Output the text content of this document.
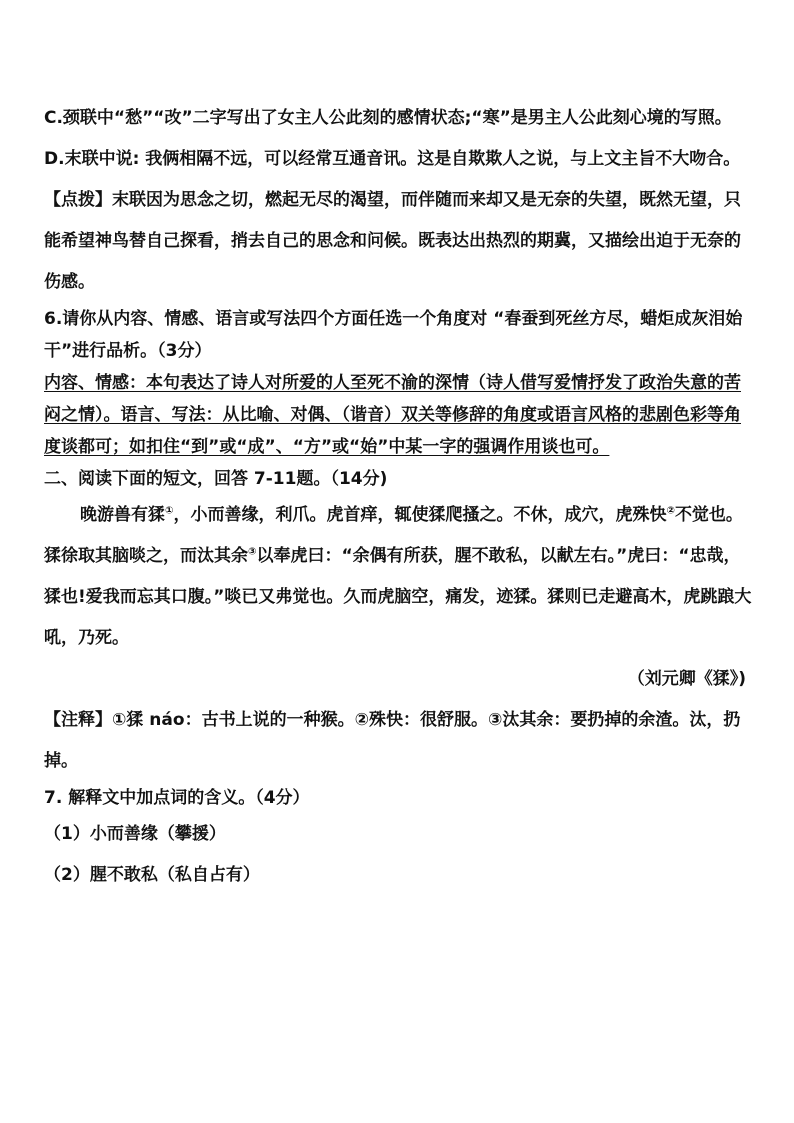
C.颈联中“愁”“改”二字写出了女主人公此刻的感情状态;“寒”是男主人公此刻心境的写照。

D.末联中说: 我俩相隔不远，可以经常互通音讯。这是自欺欺人之说，与上文主旨不大吻合。

【点拨】末联因为思念之切，燃起无尽的渴望，而伴随而来却又是无奈的失望，既然无望，只能希望神鸟替自己探看，捎去自己的思念和问候。既表达出热烈的期冀，又描绘出迫于无奈的伤感。

6.请你从内容、情感、语言或写法四个方面任选一个角度对 “春蚕到死丝方尽，蜡炬成灰泪始干”进行品析。（3分）

内容、情感：本句表达了诗人对所爱的人至死不渝的深情（诗人借写爱情抒发了政治失意的苦闷之情）。语言、写法：从比喻、对偶、（谐音）双关等修辞的角度或语言风格的悲剧色彩等角度谈都可；如扣住“到”或“成”、“方”或“始”中某一字的强调作用谈也可。

二、阅读下面的短文，回答 7-11题。（14分)

晚游兽有猱①，小而善缘，利爪。虎首痒，辄使猱爬搔之。不休，成穴，虎殊快②不觉也。猱徐取其脑啖之，而汰其余③以奉虎曰：“余偶有所获，腥不敢私，以献左右。”虎曰：“忠哉，猱也!爱我而忘其口腹。”啖已又弗觉也。久而虎脑空，痛发，迹猱。猱则已走避高木，虎跳踉大吼，乃死。

（刘元卿《猱》)

【注释】①猱 náo：古书上说的一种猴。②殊快：很舒服。③汰其余：要扔掉的余渣。汰，扔掉。

7. 解释文中加点词的含义。（4分）

（1）小而善缘（攀援）

（2）腥不敢私（私自占有）
